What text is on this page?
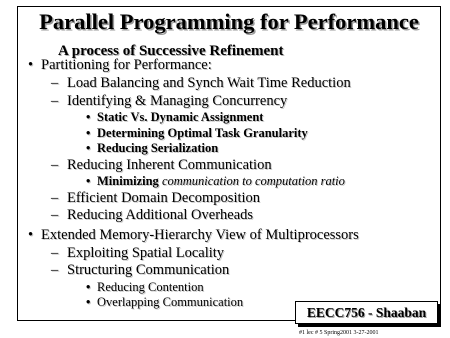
Parallel Programming for Performance
A process of Successive Refinement
• Partitioning for Performance:
– Load Balancing and Synch Wait Time Reduction
– Identifying & Managing Concurrency
• Static Vs. Dynamic Assignment
• Determining Optimal Task Granularity
• Reducing Serialization
– Reducing Inherent Communication
• Minimizing communication to computation ratio
– Efficient Domain Decomposition
– Reducing Additional Overheads
• Extended Memory-Hierarchy View of Multiprocessors
– Exploiting Spatial Locality
– Structuring Communication
• Reducing Contention
• Overlapping Communication
EECC756 - Shaaban
#1 lec # 5 Spring2001 3-27-2001
